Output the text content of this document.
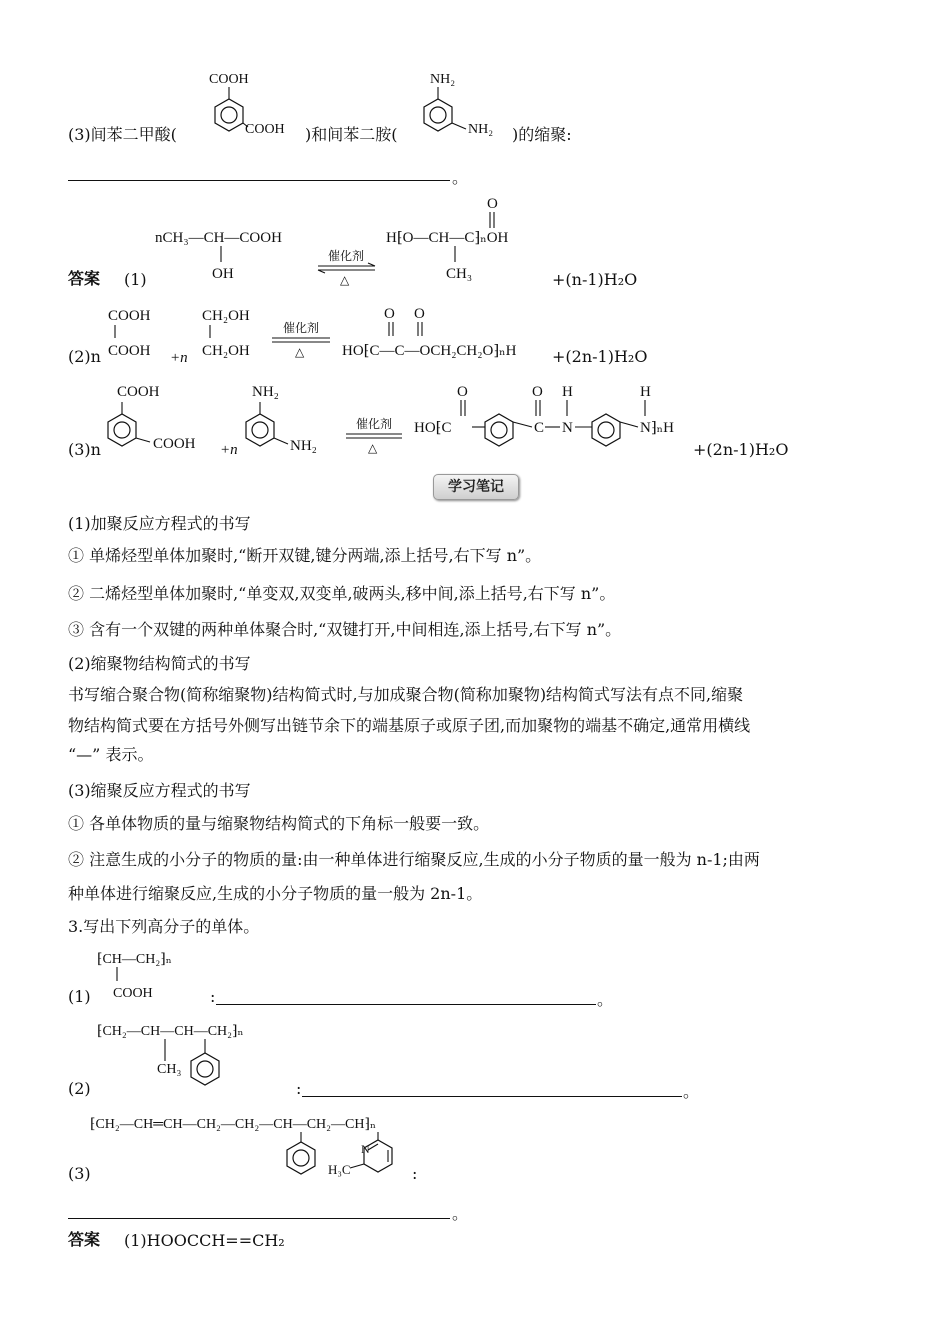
(3)间苯二甲酸(
COOH
COOH )和间苯二胺(
NH₂
NH₂ )的缩聚:
。
答案 (1)
nCH₃—CH—COOH
OH
催化剂
△
O
H⁅O—CH—C⁆ₙOH
CH₃	+(n-1)H₂O
(2)n
COOH
COOH +n
CH₂OH
CH₂OH
催化剂
△
O O
HO⁅C—C—OCH₂CH₂O⁆ₙH +(2n-1)H₂O
(3)n
COOH
COOH +n
NH₂
NH₂
催化剂
△
HO⁅C
O
C
O
N
H
N⁆ₙH
H
+(2n-1)H₂O
学习笔记
(1)加聚反应方程式的书写
① 单烯烃型单体加聚时,“断开双键,键分两端,添上括号,右下写 n”。
② 二烯烃型单体加聚时,“单变双,双变单,破两头,移中间,添上括号,右下写 n”。
③ 含有一个双键的两种单体聚合时,“双键打开,中间相连,添上括号,右下写 n”。
(2)缩聚物结构简式的书写
书写缩合聚合物(简称缩聚物)结构简式时,与加成聚合物(简称加聚物)结构简式写法有点不同,缩聚
物结构简式要在方括号外侧写出链节余下的端基原子或原子团,而加聚物的端基不确定,通常用横线
“—” 表示。
(3)缩聚反应方程式的书写
① 各单体物质的量与缩聚物结构简式的下角标一般要一致。
② 注意生成的小分子的物质的量:由一种单体进行缩聚反应,生成的小分子物质的量一般为 n-1;由两
种单体进行缩聚反应,生成的小分子物质的量一般为 2n-1。
3.写出下列高分子的单体。
⁅CH—CH₂⁆ₙ
COOH
(1)	:	。
⁅CH₂—CH—CH—CH₂⁆ₙ
CH₃
(2)	:	。
⁅CH₂—CH═CH—CH₂—CH₂—CH—CH₂—CH⁆ₙ
N
H₃C
(3)	:
。
答案 (1)HOOCCH==CH₂
